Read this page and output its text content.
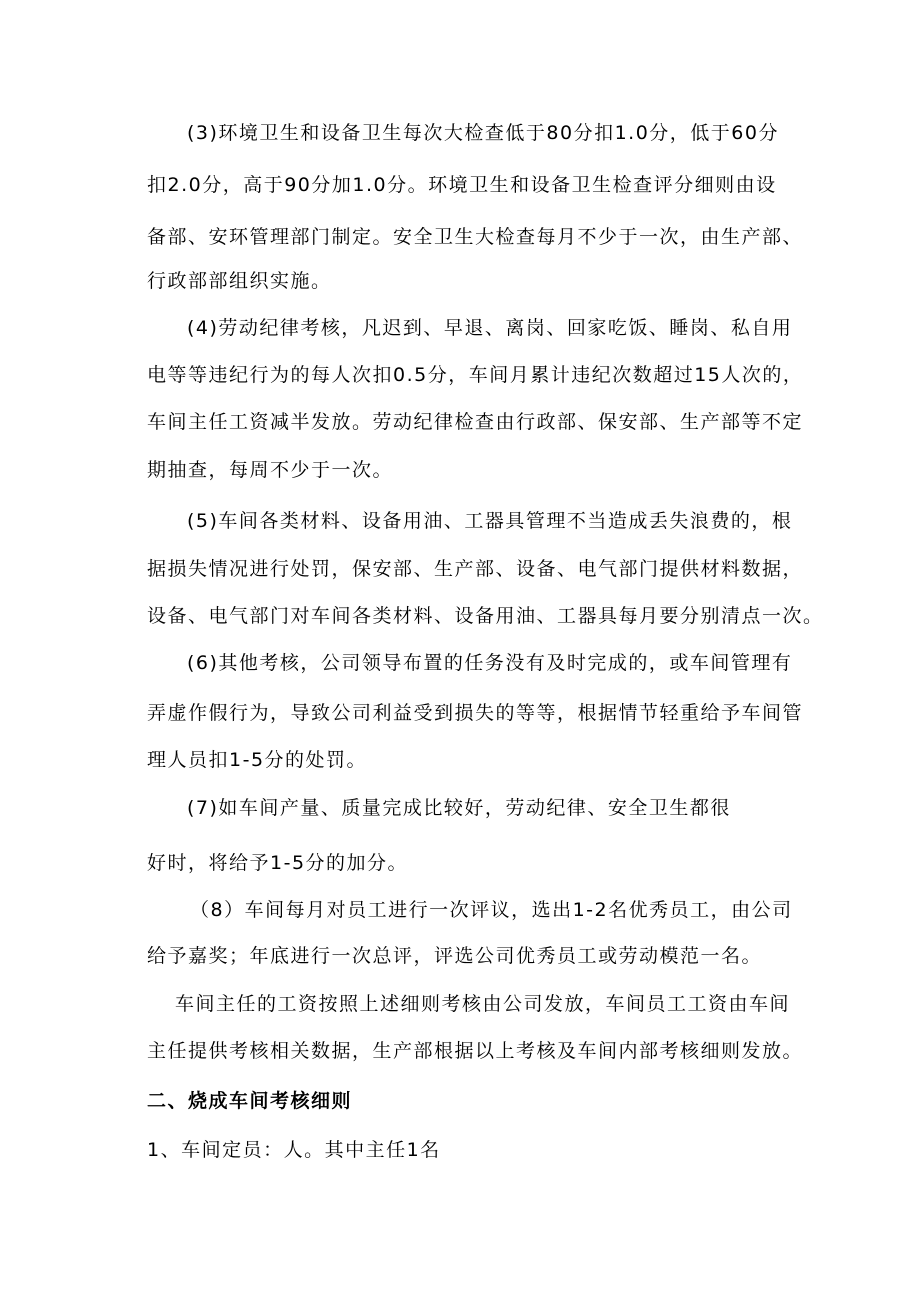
(3)环境卫生和设备卫生每次大检查低于80分扣1.0分，低于60分
扣2.0分，高于90分加1.0分。环境卫生和设备卫生检查评分细则由设
备部、安环管理部门制定。安全卫生大检查每月不少于一次，由生产部、
行政部部组织实施。
(4)劳动纪律考核，凡迟到、早退、离岗、回家吃饭、睡岗、私自用
电等等违纪行为的每人次扣0.5分，车间月累计违纪次数超过15人次的，
车间主任工资减半发放。劳动纪律检查由行政部、保安部、生产部等不定
期抽查，每周不少于一次。
(5)车间各类材料、设备用油、工器具管理不当造成丢失浪费的，根
据损失情况进行处罚，保安部、生产部、设备、电气部门提供材料数据，
设备、电气部门对车间各类材料、设备用油、工器具每月要分别清点一次。
(6)其他考核，公司领导布置的任务没有及时完成的，或车间管理有
弄虚作假行为，导致公司利益受到损失的等等，根据情节轻重给予车间管
理人员扣1-5分的处罚。
(7)如车间产量、质量完成比较好，劳动纪律、安全卫生都很
好时，将给予1-5分的加分。
（8）车间每月对员工进行一次评议，选出1-2名优秀员工，由公司
给予嘉奖；年底进行一次总评，评选公司优秀员工或劳动模范一名。
车间主任的工资按照上述细则考核由公司发放，车间员工工资由车间
主任提供考核相关数据，生产部根据以上考核及车间内部考核细则发放。
二、烧成车间考核细则
1、车间定员：人。其中主任1名
